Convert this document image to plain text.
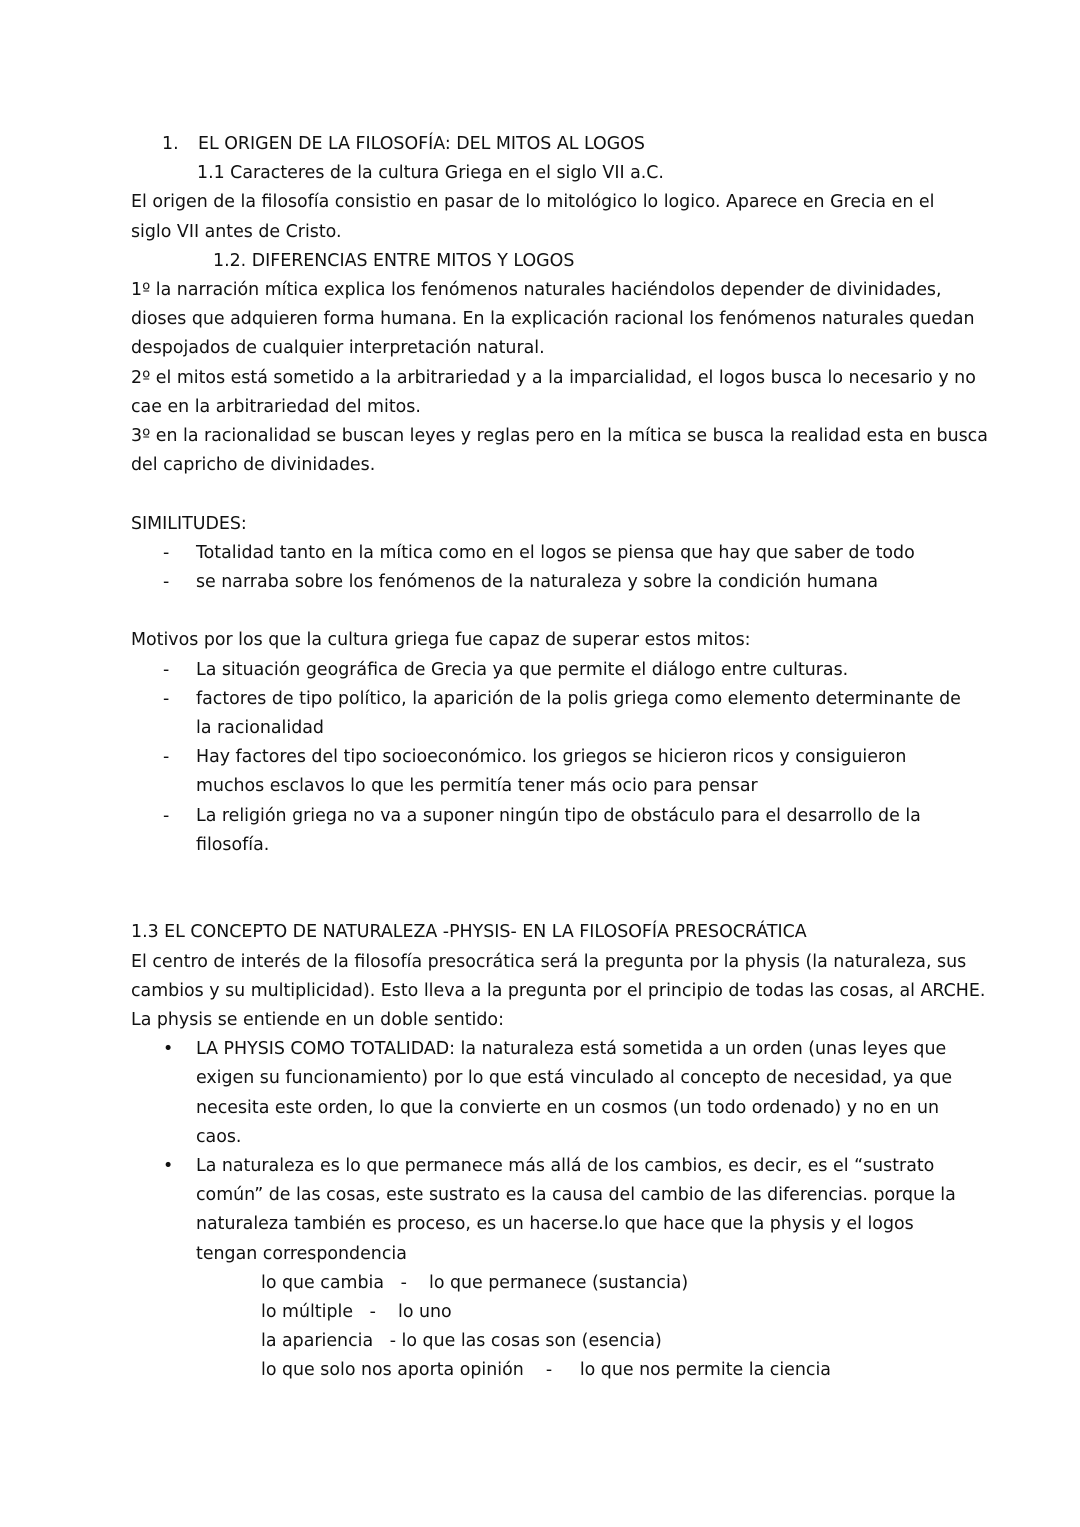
1.	EL ORIGEN DE LA FILOSOFÍA: DEL MITOS AL LOGOS
1.1 Caracteres de la cultura Griega en el siglo VII a.C.
El origen de la filosofía consistio en pasar de lo mitológico lo logico. Aparece en Grecia en el
siglo VII antes de Cristo.
1.2. DIFERENCIAS ENTRE MITOS Y LOGOS
1º la narración mítica explica los fenómenos naturales haciéndolos depender de divinidades,
dioses que adquieren forma humana. En la explicación racional los fenómenos naturales quedan
despojados de cualquier interpretación natural.
2º el mitos está sometido a la arbitrariedad y a la imparcialidad, el logos busca lo necesario y no
cae en la arbitrariedad del mitos.
3º en la racionalidad se buscan leyes y reglas pero en la mítica se busca la realidad esta en busca
del capricho de divinidades.
SIMILITUDES:
-	Totalidad tanto en la mítica como en el logos se piensa que hay que saber de todo
-	se narraba sobre los fenómenos de la naturaleza y sobre la condición humana
Motivos por los que la cultura griega fue capaz de superar estos mitos:
-	La situación geográfica de Grecia ya que permite el diálogo entre culturas.
-	factores de tipo político, la aparición de la polis griega como elemento determinante de la racionalidad
-	Hay factores del tipo socioeconómico. los griegos se hicieron ricos y consiguieron muchos esclavos lo que les permitía tener más ocio para pensar
-	La religión griega no va a suponer ningún tipo de obstáculo para el desarrollo de la filosofía.
1.3 EL CONCEPTO DE NATURALEZA -PHYSIS- EN LA FILOSOFÍA PRESOCRÁTICA
El centro de interés de la filosofía presocrática será la pregunta por la physis (la naturaleza, sus
cambios y su multiplicidad). Esto lleva a la pregunta por el principio de todas las cosas, al ARCHE.
La physis se entiende en un doble sentido:
•	LA PHYSIS COMO TOTALIDAD: la naturaleza está sometida a un orden (unas leyes que exigen su funcionamiento) por lo que está vinculado al concepto de necesidad, ya que necesita este orden, lo que la convierte en un cosmos (un todo ordenado) y no en un caos.
•	La naturaleza es lo que permanece más allá de los cambios, es decir, es el “sustrato común” de las cosas, este sustrato es la causa del cambio de las diferencias. porque la naturaleza también es proceso, es un hacerse.lo que hace que la physis y el logos tengan correspondencia
lo que cambia - lo que permanece (sustancia)
lo múltiple - lo uno
la apariencia - lo que las cosas son (esencia)
lo que solo nos aporta opinión - lo que nos permite la ciencia
